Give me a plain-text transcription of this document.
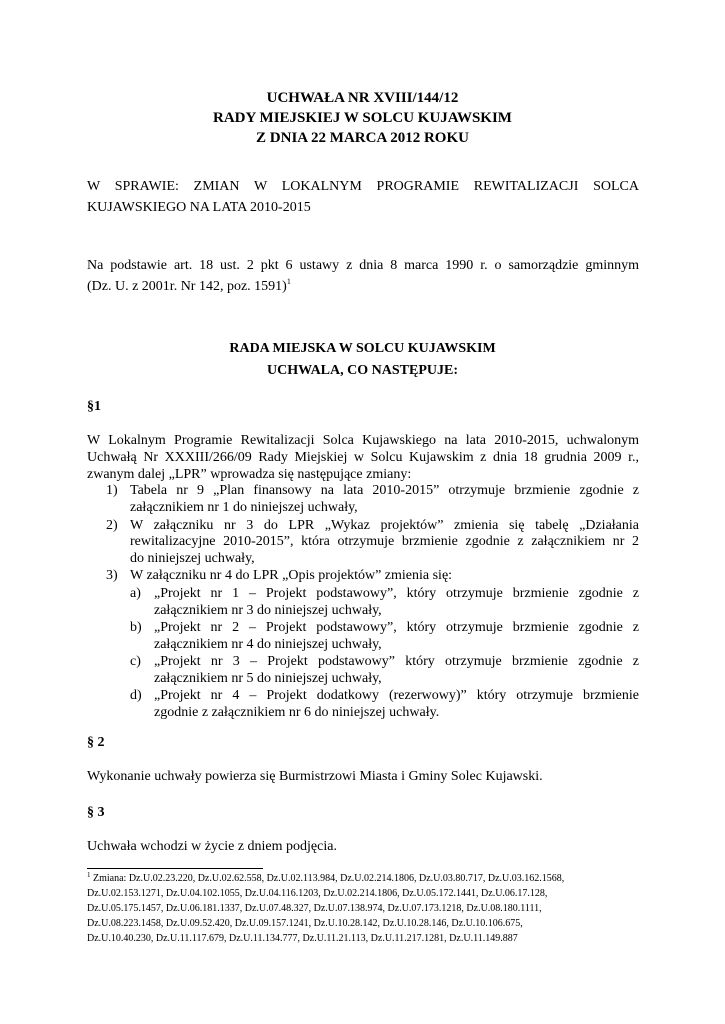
UCHWAŁA NR XVIII/144/12
RADY MIEJSKIEJ W SOLCU KUJAWSKIM
Z DNIA 22 MARCA 2012 ROKU
W SPRAWIE: ZMIAN W LOKALNYM PROGRAMIE REWITALIZACJI SOLCA
KUJAWSKIEGO NA LATA 2010-2015
Na podstawie art. 18 ust. 2 pkt 6 ustawy z dnia 8 marca 1990 r. o samorządzie gminnym
(Dz. U. z 2001r. Nr 142, poz. 1591)$^1$
RADA MIEJSKA W SOLCU KUJAWSKIM
UCHWALA, CO NASTĘPUJE:
§1
W Lokalnym Programie Rewitalizacji Solca Kujawskiego na lata 2010-2015, uchwalonym
Uchwałą Nr XXXIII/266/09 Rady Miejskiej w Solcu Kujawskim z dnia 18 grudnia 2009 r.,
zwanym dalej „LPR” wprowadza się następujące zmiany:
1) Tabela nr 9 „Plan finansowy na lata 2010-2015” otrzymuje brzmienie zgodnie z
załącznikiem nr 1 do niniejszej uchwały,
2) W załączniku nr 3 do LPR „Wykaz projektów” zmienia się tabelę „Działania
rewitalizacyjne 2010-2015”, która otrzymuje brzmienie zgodnie z załącznikiem nr 2
do niniejszej uchwały,
3) W załączniku nr 4 do LPR „Opis projektów” zmienia się:
a) „Projekt nr 1 – Projekt podstawowy”, który otrzymuje brzmienie zgodnie z
załącznikiem nr 3 do niniejszej uchwały,
b) „Projekt nr 2 – Projekt podstawowy”, który otrzymuje brzmienie zgodnie z
załącznikiem nr 4 do niniejszej uchwały,
c) „Projekt nr 3 – Projekt podstawowy” który otrzymuje brzmienie zgodnie z
załącznikiem nr 5 do niniejszej uchwały,
d) „Projekt nr 4 – Projekt dodatkowy (rezerwowy)” który otrzymuje brzmienie
zgodnie z załącznikiem nr 6 do niniejszej uchwały.
§ 2
Wykonanie uchwały powierza się Burmistrzowi Miasta i Gminy Solec Kujawski.
§ 3
Uchwała wchodzi w życie z dniem podjęcia.
$^1$ Zmiana: Dz.U.02.23.220, Dz.U.02.62.558, Dz.U.02.113.984, Dz.U.02.214.1806, Dz.U.03.80.717, Dz.U.03.162.1568,
Dz.U.02.153.1271, Dz.U.04.102.1055, Dz.U.04.116.1203, Dz.U.02.214.1806, Dz.U.05.172.1441, Dz.U.06.17.128,
Dz.U.05.175.1457, Dz.U.06.181.1337, Dz.U.07.48.327, Dz.U.07.138.974, Dz.U.07.173.1218, Dz.U.08.180.1111,
Dz.U.08.223.1458, Dz.U.09.52.420, Dz.U.09.157.1241, Dz.U.10.28.142, Dz.U.10.28.146, Dz.U.10.106.675,
Dz.U.10.40.230, Dz.U.11.117.679, Dz.U.11.134.777, Dz.U.11.21.113, Dz.U.11.217.1281, Dz.U.11.149.887
